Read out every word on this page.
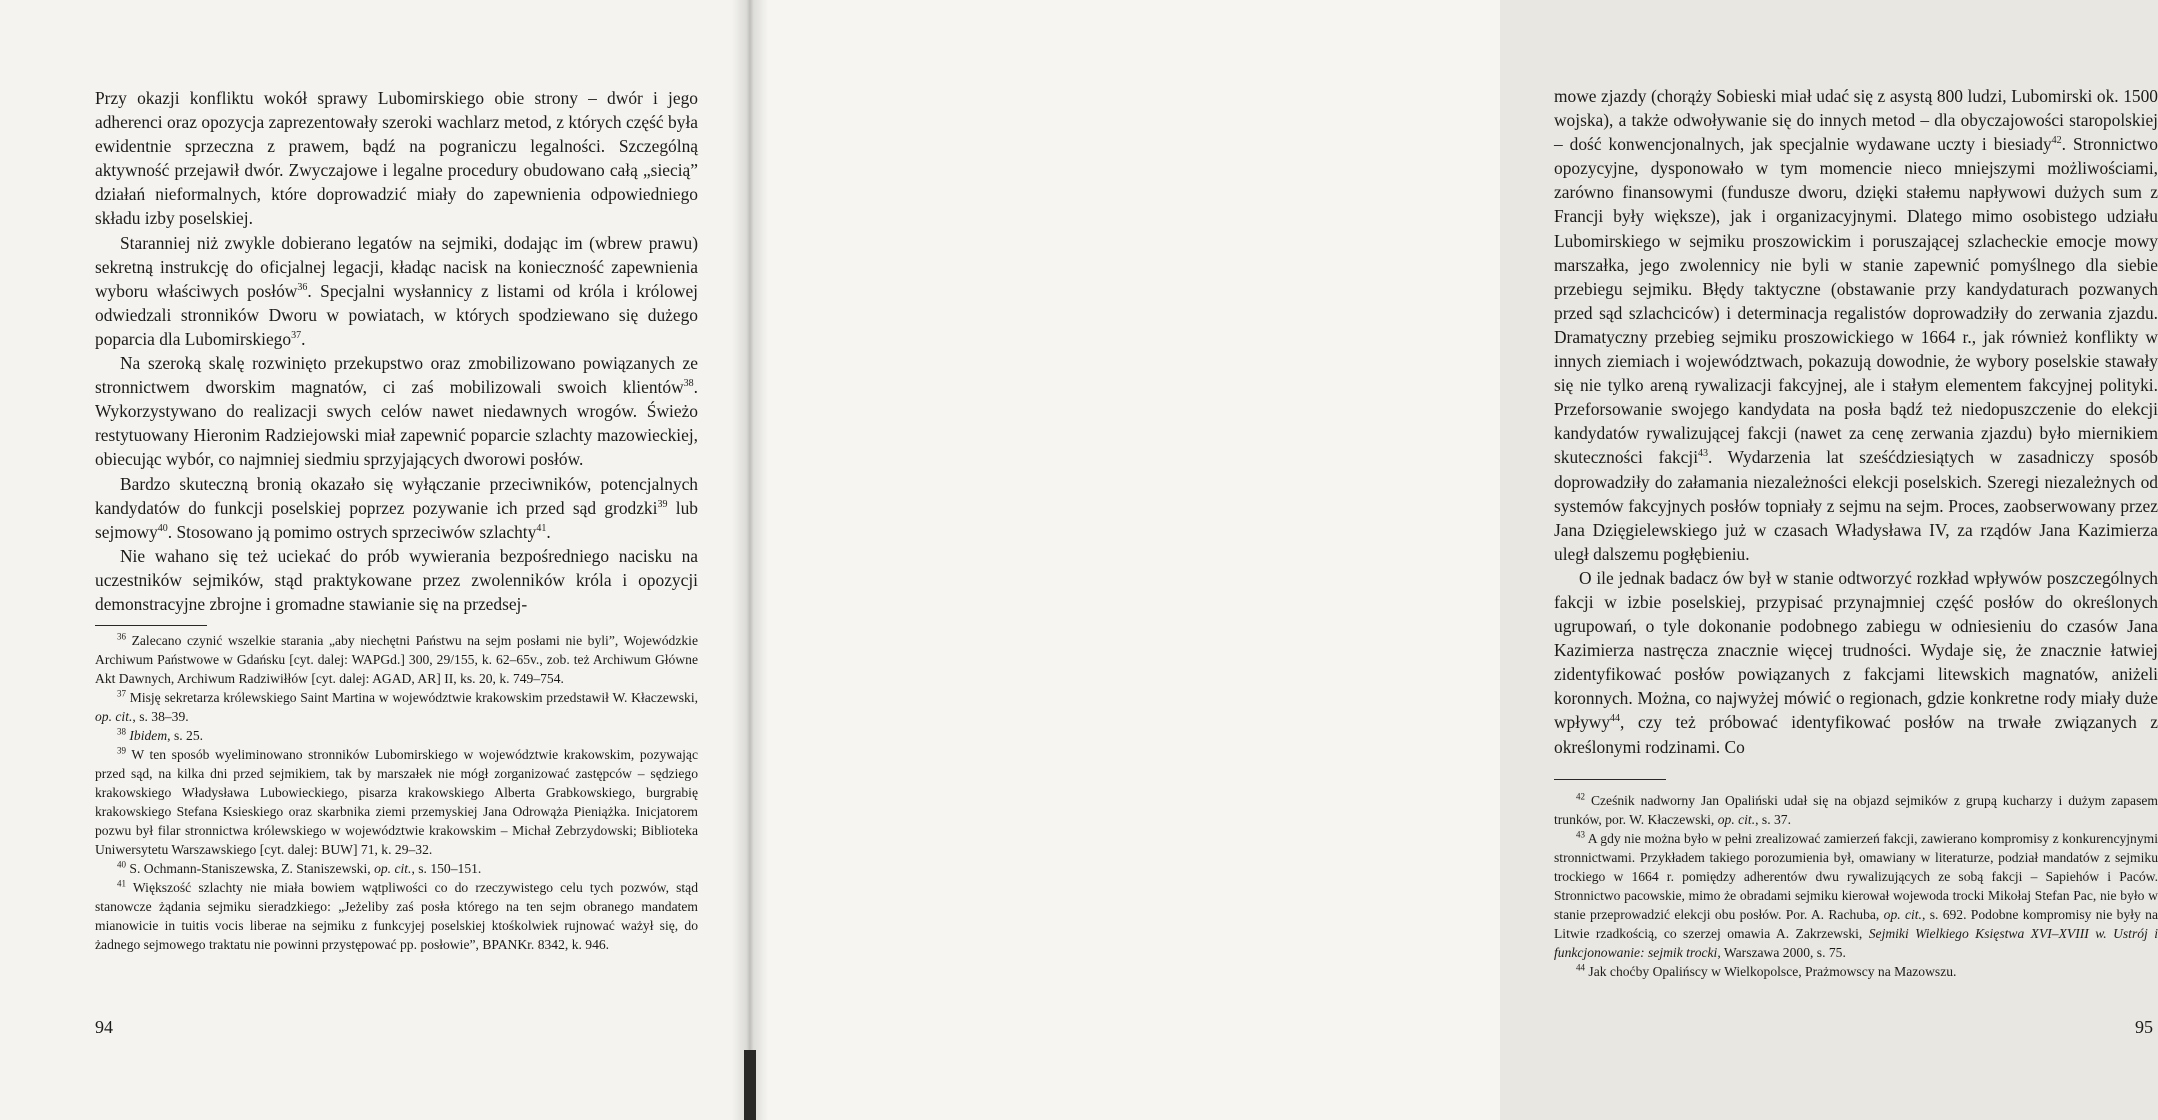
Przy okazji konfliktu wokół sprawy Lubomirskiego obie strony – dwór i jego adherenci oraz opozycja zaprezentowały szeroki wachlarz metod, z których część była ewidentnie sprzeczna z prawem, bądź na pograniczu legalności. Szczególną aktywność przejawił dwór. Zwyczajowe i legalne procedury obudowano całą „siecią” działań nieformalnych, które doprowadzić miały do zapewnienia odpowiedniego składu izby poselskiej.

Staranniej niż zwykle dobierano legatów na sejmiki, dodając im (wbrew prawu) sekretną instrukcję do oficjalnej legacji, kładąc nacisk na konieczność zapewnienia wyboru właściwych posłów$^{36}$. Specjalni wysłannicy z listami od króla i królowej odwiedzali stronników Dworu w powiatach, w których spodziewano się dużego poparcia dla Lubomirskiego$^{37}$.

Na szeroką skalę rozwinięto przekupstwo oraz zmobilizowano powiązanych ze stronnictwem dworskim magnatów, ci zaś mobilizowali swoich klientów$^{38}$. Wykorzystywano do realizacji swych celów nawet niedawnych wrogów. Świeżo restytuowany Hieronim Radziejowski miał zapewnić poparcie szlachty mazowieckiej, obiecując wybór, co najmniej siedmiu sprzyjających dworowi posłów.

Bardzo skuteczną bronią okazało się wyłączanie przeciwników, potencjalnych kandydatów do funkcji poselskiej poprzez pozywanie ich przed sąd grodzki$^{39}$ lub sejmowy$^{40}$. Stosowano ją pomimo ostrych sprzeciwów szlachty$^{41}$.

Nie wahano się też uciekać do prób wywierania bezpośredniego nacisku na uczestników sejmików, stąd praktykowane przez zwolenników króla i opozycji demonstracyjne zbrojne i gromadne stawianie się na przedsej-

$^{36}$ Zalecano czynić wszelkie starania „aby niechętni Państwu na sejm posłami nie byli”, Wojewódzkie Archiwum Państwowe w Gdańsku [cyt. dalej: WAPGd.] 300, 29/155, k. 62–65v., zob. też Archiwum Główne Akt Dawnych, Archiwum Radziwiłłów [cyt. dalej: AGAD, AR] II, ks. 20, k. 749–754.

$^{37}$ Misję sekretarza królewskiego Saint Martina w województwie krakowskim przedstawił W. Kłaczewski, op. cit., s. 38–39.

$^{38}$ Ibidem, s. 25.

$^{39}$ W ten sposób wyeliminowano stronników Lubomirskiego w województwie krakowskim, pozywając przed sąd, na kilka dni przed sejmikiem, tak by marszałek nie mógł zorganizować zastępców – sędziego krakowskiego Władysława Lubowieckiego, pisarza krakowskiego Alberta Grabkowskiego, burgrabię krakowskiego Stefana Ksieskiego oraz skarbnika ziemi przemyskiej Jana Odrowąża Pieniążka. Inicjatorem pozwu był filar stronnictwa królewskiego w województwie krakowskim – Michał Zebrzydowski; Biblioteka Uniwersytetu Warszawskiego [cyt. dalej: BUW] 71, k. 29–32.

$^{40}$ S. Ochmann-Staniszewska, Z. Staniszewski, op. cit., s. 150–151.

$^{41}$ Większość szlachty nie miała bowiem wątpliwości co do rzeczywistego celu tych pozwów, stąd stanowcze żądania sejmiku sieradzkiego: „Jeżeliby zaś posła którego na ten sejm obranego mandatem mianowicie in tuitis vocis liberae na sejmiku z funkcyjej poselskiej ktośkolwiek rujnować ważył się, do żadnego sejmowego traktatu nie powinni przystępować pp. posłowie”, BPANKr. 8342, k. 946.

94

mowe zjazdy (chorąży Sobieski miał udać się z asystą 800 ludzi, Lubomirski ok. 1500 wojska), a także odwoływanie się do innych metod – dla obyczajowości staropolskiej – dość konwencjonalnych, jak specjalnie wydawane uczty i biesiady$^{42}$. Stronnictwo opozycyjne, dysponowało w tym momencie nieco mniejszymi możliwościami, zarówno finansowymi (fundusze dworu, dzięki stałemu napływowi dużych sum z Francji były większe), jak i organizacyjnymi. Dlatego mimo osobistego udziału Lubomirskiego w sejmiku proszowickim i poruszającej szlacheckie emocje mowy marszałka, jego zwolennicy nie byli w stanie zapewnić pomyślnego dla siebie przebiegu sejmiku. Błędy taktyczne (obstawanie przy kandydaturach pozwanych przed sąd szlachciców) i determinacja regalistów doprowadziły do zerwania zjazdu. Dramatyczny przebieg sejmiku proszowickiego w 1664 r., jak również konflikty w innych ziemiach i województwach, pokazują dowodnie, że wybory poselskie stawały się nie tylko areną rywalizacji fakcyjnej, ale i stałym elementem fakcyjnej polityki. Przeforsowanie swojego kandydata na posła bądź też niedopuszczenie do elekcji kandydatów rywalizującej fakcji (nawet za cenę zerwania zjazdu) było miernikiem skuteczności fakcji$^{43}$. Wydarzenia lat sześćdziesiątych w zasadniczy sposób doprowadziły do załamania niezależności elekcji poselskich. Szeregi niezależnych od systemów fakcyjnych posłów topniały z sejmu na sejm. Proces, zaobserwowany przez Jana Dzięgielewskiego już w czasach Władysława IV, za rządów Jana Kazimierza uległ dalszemu pogłębieniu.

O ile jednak badacz ów był w stanie odtworzyć rozkład wpływów poszczególnych fakcji w izbie poselskiej, przypisać przynajmniej część posłów do określonych ugrupowań, o tyle dokonanie podobnego zabiegu w odniesieniu do czasów Jana Kazimierza nastręcza znacznie więcej trudności. Wydaje się, że znacznie łatwiej zidentyfikować posłów powiązanych z fakcjami litewskich magnatów, aniżeli koronnych. Można, co najwyżej mówić o regionach, gdzie konkretne rody miały duże wpływy$^{44}$, czy też próbować identyfikować posłów na trwałe związanych z określonymi rodzinami. Co

$^{42}$ Cześnik nadworny Jan Opaliński udał się na objazd sejmików z grupą kucharzy i dużym zapasem trunków, por. W. Kłaczewski, op. cit., s. 37.

$^{43}$ A gdy nie można było w pełni zrealizować zamierzeń fakcji, zawierano kompromisy z konkurencyjnymi stronnictwami. Przykładem takiego porozumienia był, omawiany w literaturze, podział mandatów z sejmiku trockiego w 1664 r. pomiędzy adherentów dwu rywalizujących ze sobą fakcji – Sapiehów i Paców. Stronnictwo pacowskie, mimo że obradami sejmiku kierował wojewoda trocki Mikołaj Stefan Pac, nie było w stanie przeprowadzić elekcji obu posłów. Por. A. Rachuba, op. cit., s. 692. Podobne kompromisy nie były na Litwie rzadkością, co szerzej omawia A. Zakrzewski, Sejmiki Wielkiego Księstwa XVI–XVIII w. Ustrój i funkcjonowanie: sejmik trocki, Warszawa 2000, s. 75.

$^{44}$ Jak choćby Opalińscy w Wielkopolsce, Prażmowscy na Mazowszu.

95
